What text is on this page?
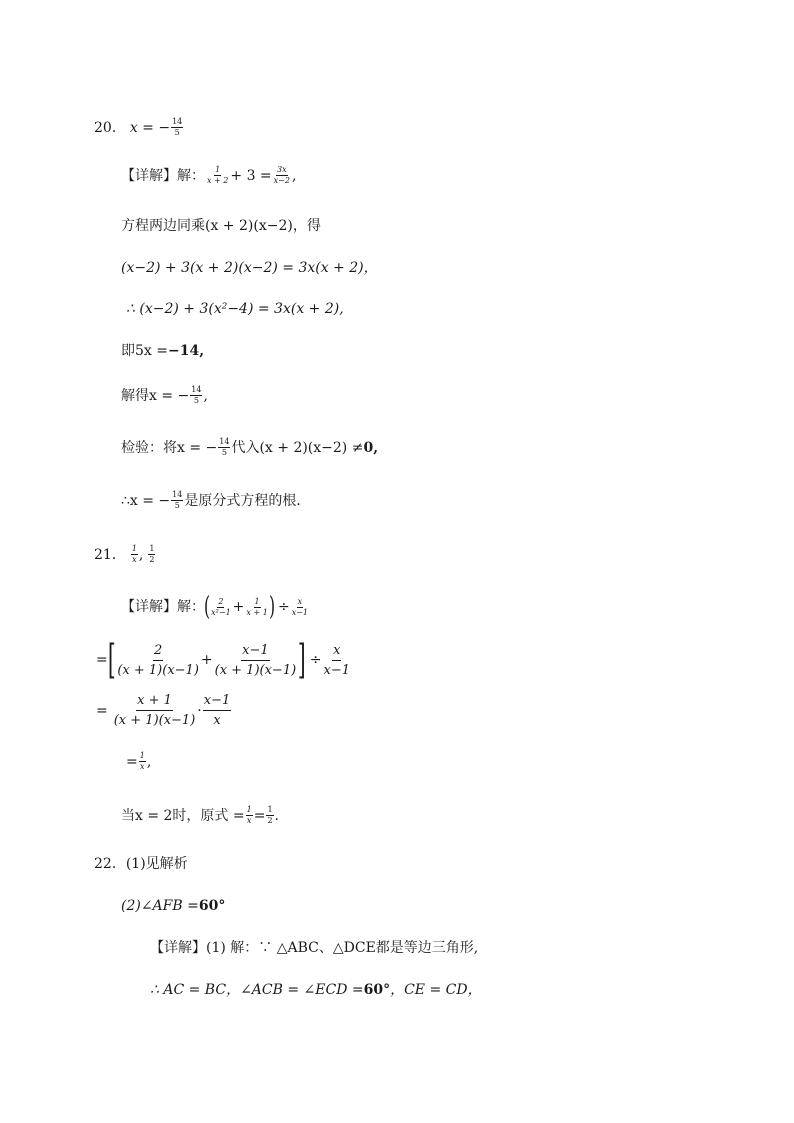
20． x = − $\frac{14}{5}$
【详解】解： $\frac{1}{x + 2} + 3 = \frac{3x}{x-2}$ ,
方程两边同乘(x + 2)(x−2)，得
(x−2) + 3(x + 2)(x−2) = 3x(x + 2)，
∴ (x−2) + 3(x²−4) = 3x(x + 2),
即5x = −14,
解得x = − $\frac{14}{5}$ ,
检验：将x = − $\frac{14}{5}$ 代入(x + 2)(x−2) ≠ 0,
∴x = − $\frac{14}{5}$ 是原分式方程的根．
21． $\frac{1}{x}$ , $\frac{1}{2}$
【详解】解： ( $\frac{2}{\text{x²−1}} + \frac{1}{x + 1}$ ) ÷ $\frac{x}{x-1}$
= [ $\frac{2}{(x + 1)(x-1)} + \frac{x-1}{(x + 1)(x-1)}$ ] ÷ $\frac{x}{x-1}$
= $\frac{x + 1}{(x + 1)(x-1)} \cdot \frac{x-1}{x}$
= $\frac{1}{x}$ ,
当x = 2时，原式 = $\frac{1}{x} = \frac{1}{2}$ .
22． (1)见解析
(2)∠AFB = 60°
【详解】(1) 解：∵ △ABC、△DCE都是等边三角形,
∴ AC = BC，∠ACB = ∠ECD = 60° ，CE = CD，
